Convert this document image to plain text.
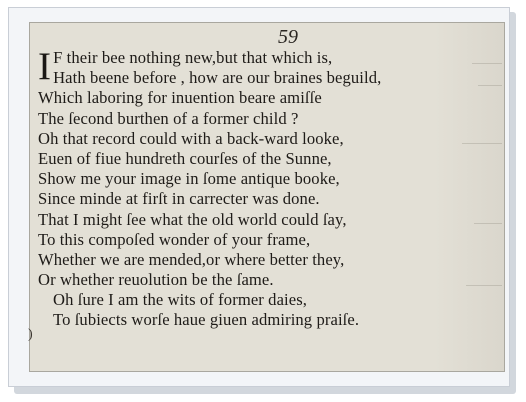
59
I F their bee nothing new,but that which is,
Hath beene before , how are our braines beguild,
Which laboring for inuention beare amiſſe
The ſecond burthen of a former child ?
Oh that record could with a back-ward looke,
Euen of fiue hundreth courſes of the Sunne,
Show me your image in ſome antique booke,
Since minde at firſt in carrecter was done.
That I might ſee what the old world could ſay,
To this compoſed wonder of your frame,
Whether we are mended,or where better they,
Or whether reuolution be the ſame.
Oh ſure I am the wits of former daies,
To ſubiects worſe haue giuen admiring praiſe.
)
